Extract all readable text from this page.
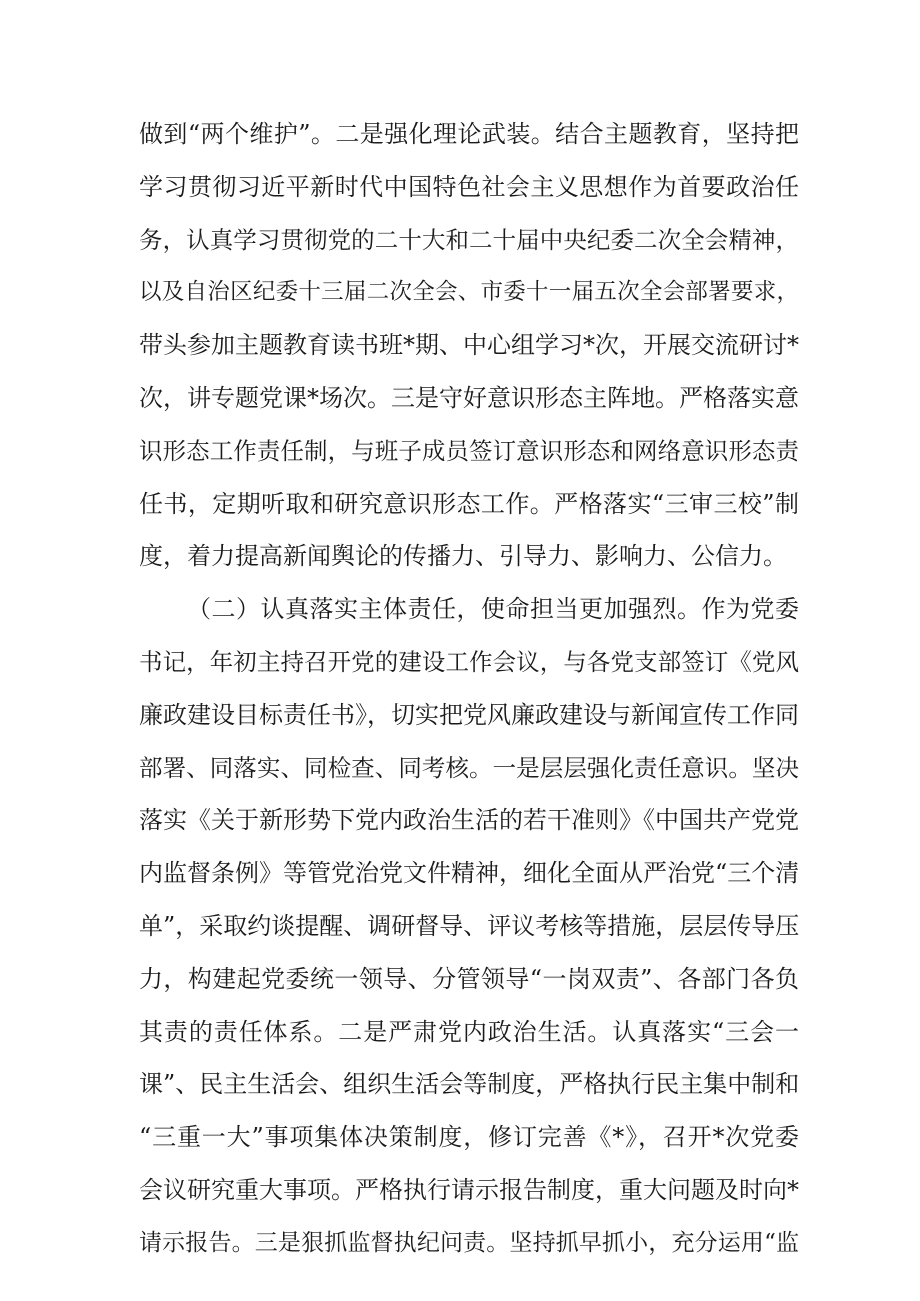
做到“两个维护”。二是强化理论武装。结合主题教育，坚持把
学习贯彻习近平新时代中国特色社会主义思想作为首要政治任
务，认真学习贯彻党的二十大和二十届中央纪委二次全会精神，
以及自治区纪委十三届二次全会、市委十一届五次全会部署要求，
带头参加主题教育读书班*期、中心组学习*次，开展交流研讨*
次，讲专题党课*场次。三是守好意识形态主阵地。严格落实意
识形态工作责任制，与班子成员签订意识形态和网络意识形态责
任书，定期听取和研究意识形态工作。严格落实“三审三校”制
度，着力提高新闻舆论的传播力、引导力、影响力、公信力。
（二）认真落实主体责任，使命担当更加强烈。作为党委
书记，年初主持召开党的建设工作会议，与各党支部签订《党风
廉政建设目标责任书》，切实把党风廉政建设与新闻宣传工作同
部署、同落实、同检查、同考核。一是层层强化责任意识。坚决
落实《关于新形势下党内政治生活的若干准则》《中国共产党党
内监督条例》等管党治党文件精神，细化全面从严治党“三个清
单”，采取约谈提醒、调研督导、评议考核等措施，层层传导压
力，构建起党委统一领导、分管领导“一岗双责”、各部门各负
其责的责任体系。二是严肃党内政治生活。认真落实“三会一
课”、民主生活会、组织生活会等制度，严格执行民主集中制和
“三重一大”事项集体决策制度，修订完善《*》，召开*次党委
会议研究重大事项。严格执行请示报告制度，重大问题及时向*
请示报告。三是狠抓监督执纪问责。坚持抓早抓小，充分运用“监
